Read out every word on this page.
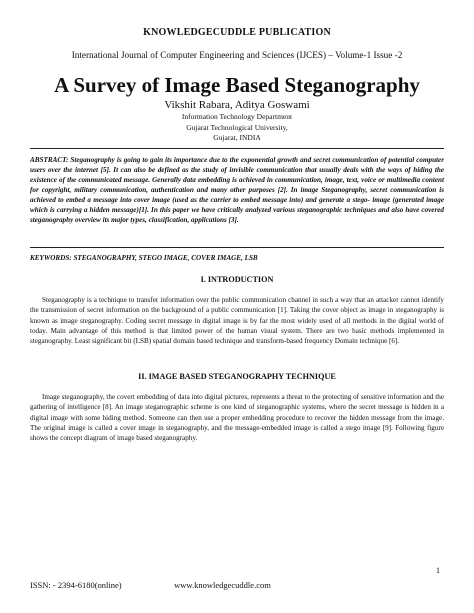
KNOWLEDGECUDDLE PUBLICATION
International Journal of Computer Engineering and Sciences (IJCES) – Volume-1 Issue -2
A Survey of Image Based Steganography
Vikshit Rabara, Aditya Goswami
Information Technology Department
Gujarat Technological University,
Gujarat, INDIA
ABSTRACT: Steganography is going to gain its importance due to the exponential growth and secret communication of potential computer users over the internet [5]. It can also be defined as the study of invisible communication that usually deals with the ways of hiding the existence of the communicated message. Generally data embedding is achieved in communication, image, text, voice or multimedia content for copyright, military communication, authentication and many other purposes [2]. In image Steganography, secret communication is achieved to embed a message into cover image (used as the carrier to embed message into) and generate a stego- image (generated image which is carrying a hidden message)[1]. In this paper we have critically analyzed various steganographic techniques and also have covered steganography overview its major types, classification, applications [3].
KEYWORDS: STEGANOGRAPHY, STEGO IMAGE, COVER IMAGE, LSB
I. INTRODUCTION
Steganography is a technique to transfer information over the public communication channel in such a way that an attacker cannot identify the transmission of secret information on the background of a public communication [1]. Taking the cover object as image in steganography is known as image steganography. Coding secret message in digital image is by far the most widely used of all methods in the digital world of today. Main advantage of this method is that limited power of the human visual system. There are two basic methods implemented in steganography. Least significant bit (LSB) spatial domain based technique and transform-based frequency Domain technique [6].
II. IMAGE BASED STEGANOGRAPHY TECHNIQUE
Image steganography, the covert embedding of data into digital pictures, represents a threat to the protecting of sensitive information and the gathering of intelligence [8]. An image steganographic scheme is one kind of steganographic systems, where the secret message is hidden in a digital image with some hiding method. Someone can then use a proper embedding procedure to recover the hidden message from the image. The original image is called a cover image in steganography, and the message-embedded image is called a stego image [9]. Following figure shows the concept diagram of image based steganography.
1
ISSN: - 2394-6180(online)	www.knowledgecuddle.com
